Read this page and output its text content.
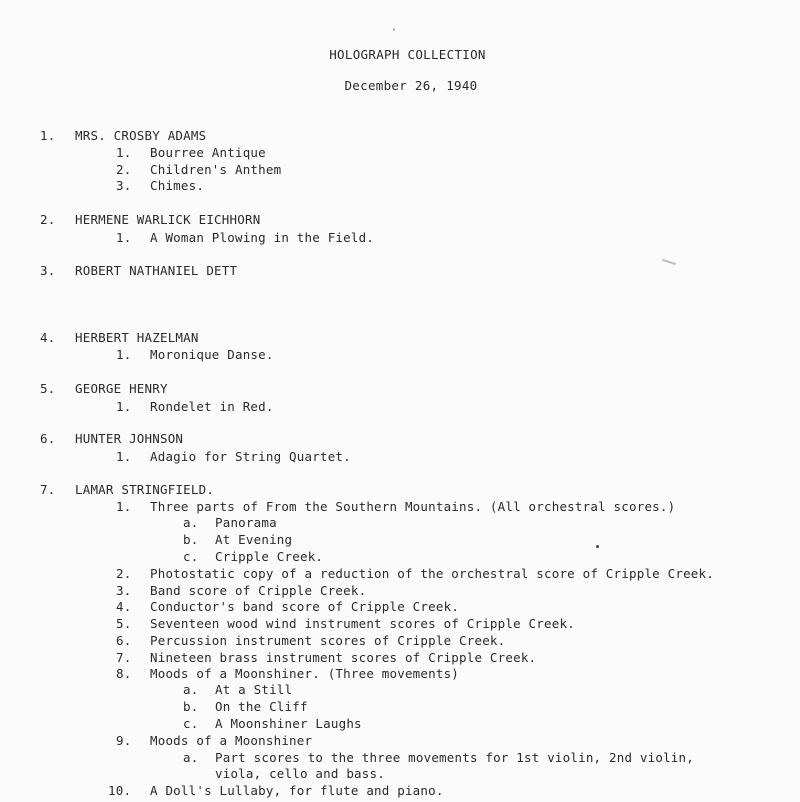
HOLOGRAPH COLLECTION
December 26, 1940
1. MRS. CROSBY ADAMS
1. Bourree Antique
2. Children's Anthem
3. Chimes.
2. HERMENE WARLICK EICHHORN
1. A Woman Plowing in the Field.
3. ROBERT NATHANIEL DETT
4. HERBERT HAZELMAN
1. Moronique Danse.
5. GEORGE HENRY
1. Rondelet in Red.
6. HUNTER JOHNSON
1. Adagio for String Quartet.
7. LAMAR STRINGFIELD.
1. Three parts of From the Southern Mountains. (All orchestral scores.)
a. Panorama
b. At Evening
c. Cripple Creek.
2. Photostatic copy of a reduction of the orchestral score of Cripple Creek.
3. Band score of Cripple Creek.
4. Conductor's band score of Cripple Creek.
5. Seventeen wood wind instrument scores of Cripple Creek.
6. Percussion instrument scores of Cripple Creek.
7. Nineteen brass instrument scores of Cripple Creek.
8. Moods of a Moonshiner. (Three movements)
a. At a Still
b. On the Cliff
c. A Moonshiner Laughs
9. Moods of a Moonshiner
a. Part scores to the three movements for 1st violin, 2nd violin,
viola, cello and bass.
10. A Doll's Lullaby, for flute and piano.
